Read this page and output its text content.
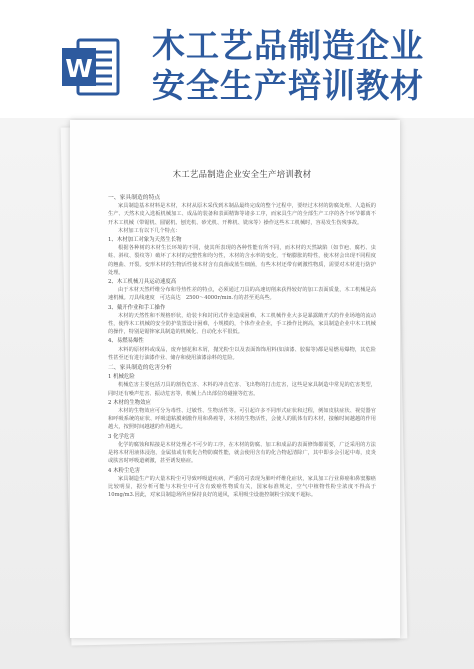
W
木工艺品制造企业
安全生产培训教材
木工艺品制造企业安全生产培训教材
一、家具制造的特点
家具制造基本材料是木材，木材从原木采伐到木制品最终完成的整个过程中，要经过木材的防腐处理、人造板的生产、天然木皮入选板机械加工、成品的装备和表面精饰等诸多工序，而家具生产的全部生产工序的各个环节都离不开木工机械（带锯机、圆锯机、刨光机、砂光机、开榫机、铣床等）操作这些木工机械时，容易发生伤残事故。
木材加工有以下几个特点：
1、木材加工对象为天然生长物
根据各种树的木材生长环境的不同，使其所表现的各种性能有所不同，而木材的天然缺陷（如节疤、腐朽、虫蛀、斜纹、裂纹等）破坏了木材的完整性和均匀性，木材的含水率的变化，干缩膨胀的特性，使木材会出现不同程度的翘曲、开裂。变形木材的生物活性使木材含有真菌或蓝生细菌，有些木材还带有刺激性物质，需要对木材进行防护处理。
2、木工机械刀具运动速度高
由于木材天然纤维分布和导热性差的特点，必须通过刀具的高速切削来获得较好的加工表面质量，木工机械是高速机械。刀具线速度　可达高达　2500～4000r/min.有的甚至更高些。
3、戴开作业和手工操作
木材的天然性和不规格形状，给装卡和封闭式作业造成困难，木工机械作业大多是暴露敞开式的作业场地的流动性，使得木工机械的安全防护装置设计困难，小规模的，个体作业企业，手工操作比例高，家具制造企业中木工机械的操作，特别是锯摔家具制造的机械化、自动化水平很低。
4、易燃易爆性
木料的原材料或成品，废弃刨花和木屑，抛光粉尘以及表面饰饰用料(如油漆、胶黏等)都是易燃易爆物，其危险性甚至还有进行油漆作业、储存和使用油漆涂料的危险。
二、家具制造的危害分析
1 机械危险
机械危害主要包括刀具的割伤危害、木料的冲击危害、飞出物的打击危害，这些是家具制造中常见的危害类型，同时还有噪声危害、振动危害等，机械上凸出部位的碰撞等危害。
2 木材的生物效应
木材的生物效应可分为毒性、过敏性、生物活性等。可引起许多不同形式症状和过程，例如皮肤症状、视觉器官和呼吸系统的症状、呼吸道粘膜刺激作用和鼻癌等，木材的生物活性，会使人的肌体有的木材，接触时间越越的作用越大，按照时间越越的作用越大。
3 化学危害
化学的腐蚀和粘接是木材处理必不可少的工序，在木材的防腐、加工和成品的表面修饰都需要，广泛采用的方法是将木材用液体浸泡，金属盐或有机化合物防腐性能，就会使用含有的化合物起清除广，其中即多会引起中毒，皮炎或肤害时呼吸道刺激，甚至诱发癌症。
4 木粉尘危害
家具制造生产的大量木粉尘可导致呼吸道疾病，严重的可表现为肺叶纤维化症状，家具加工行业鼻癌和鼻窦腺癌比较明显，据分析可能与木粉尘中可含有致癌性物质有关，国家标准规定，空气中植物性粉尘浓度不得高于 10mg/m3.因此，对家具制造场所应保持良好的通风，采用吸尘设施控制粉尘浓度不超标。
